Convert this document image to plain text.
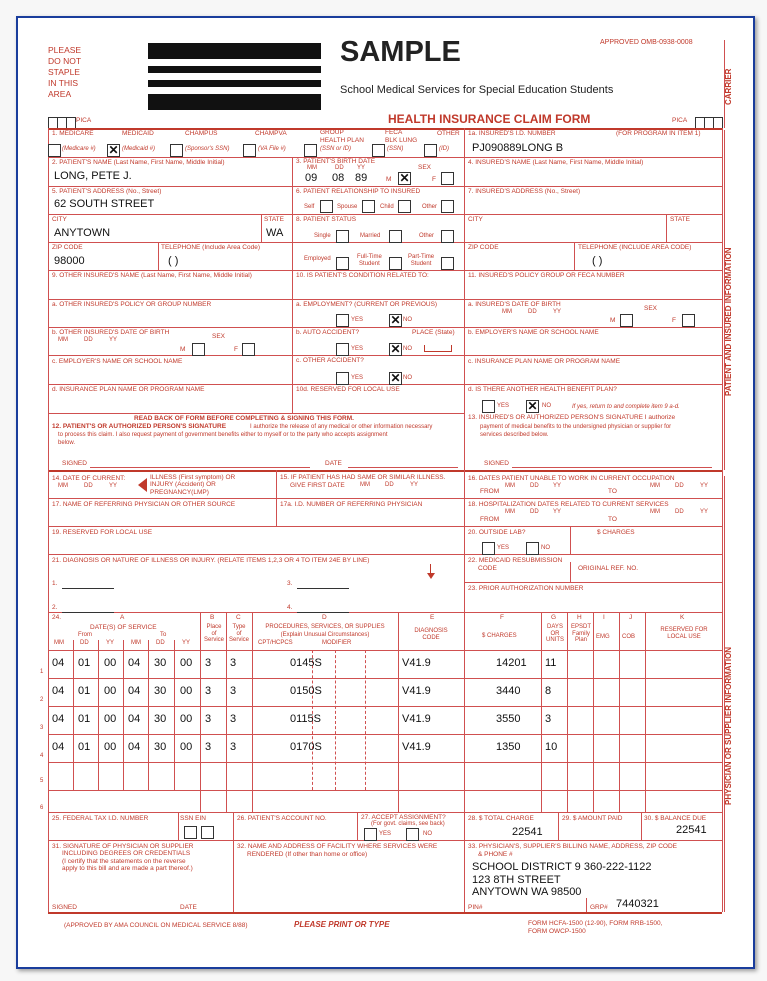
PLEASE
DO NOT
STAPLE
IN THIS
AREA
SAMPLE
School Medical Services for Special Education Students
APPROVED OMB-0938-0008
PICA	HEALTH INSURANCE CLAIM FORM	PICA
CARRIER
PATIENT AND INSURED INFORMATION
PHYSICIAN OR SUPPLIER INFORMATION
1. MEDICARE	MEDICAID	CHAMPUS	CHAMPVA	GROUP
HEALTH PLAN
FECA
BLK LUNG
OTHER
(Medicare #) ✕ (Medicaid #)	(Sponsor's SSN)	(VA File #)	(SSN or ID)	(SSN)	(ID)
1a. INSURED'S I.D. NUMBER	(FOR PROGRAM IN ITEM 1)
PJ090889LONG B
2. PATIENT'S NAME (Last Name, First Name, Middle Initial)
LONG, PETE J.
3. PATIENT'S BIRTH DATE
MM	DD YY	SEX
09 08 89	M ✕	F
4. INSURED'S NAME (Last Name, First Name, Middle Initial)
5. PATIENT'S ADDRESS (No., Street)
62 SOUTH STREET
6. PATIENT RELATIONSHIP TO INSURED
Self	Spouse	Child	Other
7. INSURED'S ADDRESS (No., Street)
CITY	STATE
ANYTOWN	WA
8. PATIENT STATUS
Single	Married	Other
CITY	STATE
ZIP CODE	TELEPHONE (Include Area Code)
98000	( )	Employed	Full-Time
Student
Part-Time
Student
ZIP CODE	TELEPHONE (INCLUDE AREA CODE)
( )
9. OTHER INSURED'S NAME (Last Name, First Name, Middle Initial)	10. IS PATIENT'S CONDITION RELATED TO:	11. INSURED'S POLICY GROUP OR FECA NUMBER
a. OTHER INSURED'S POLICY OR GROUP NUMBER	a. EMPLOYMENT? (CURRENT OR PREVIOUS)
YES ✕ NO
a. INSURED'S DATE OF BIRTH
MM	DD	YY	SEX
M	F
b. OTHER INSURED'S DATE OF BIRTH
MM	DD	YY	SEX
M	F
b. AUTO ACCIDENT?	PLACE (State)
YES ✕ NO
b. EMPLOYER'S NAME OR SCHOOL NAME
c. EMPLOYER'S NAME OR SCHOOL NAME	c. OTHER ACCIDENT?
YES ✕ NO
c. INSURANCE PLAN NAME OR PROGRAM NAME
d. INSURANCE PLAN NAME OR PROGRAM NAME	10d. RESERVED FOR LOCAL USE	d. IS THERE ANOTHER HEALTH BENEFIT PLAN?
YES ✕ NO	If yes, return to and complete item 9 a-d.
READ BACK OF FORM BEFORE COMPLETING & SIGNING THIS FORM.
12. PATIENT'S OR AUTHORIZED PERSON'S SIGNATURE	I authorize the release of any medical or other information necessary
to process this claim. I also request payment of government benefits either to myself or to the party who accepts assignment
below.
SIGNED	DATE
13. INSURED'S OR AUTHORIZED PERSON'S SIGNATURE I authorize
payment of medical benefits to the undersigned physician or supplier for
services described below.
SIGNED
14. DATE OF CURRENT:
MM	DD	YY
ILLNESS (First symptom) OR
INJURY (Accident) OR
PREGNANCY(LMP)
15. IF PATIENT HAS HAD SAME OR SIMILAR ILLNESS.
GIVE FIRST DATE	MM	DD	YY
16. DATES PATIENT UNABLE TO WORK IN CURRENT OCCUPATION
MM	DD YY	MM	DD	YY
FROM	TO
17. NAME OF REFERRING PHYSICIAN OR OTHER SOURCE	17a. I.D. NUMBER OF REFERRING PHYSICIAN	18. HOSPITALIZATION DATES RELATED TO CURRENT SERVICES
MM	DD YY	MM	DD	YY
FROM	TO
19. RESERVED FOR LOCAL USE	20. OUTSIDE LAB?	$ CHARGES
YES	NO
21. DIAGNOSIS OR NATURE OF ILLNESS OR INJURY. (RELATE ITEMS 1,2,3 OR 4 TO ITEM 24E BY LINE)
1.	3.
2.	4.
22. MEDICAID RESUBMISSION
CODE	ORIGINAL REF. NO.
23. PRIOR AUTHORIZATION NUMBER
24.	A	B	C	D	E	F	G	H	I	J	K
DATE(S) OF SERVICE
From	To
MM	DD	YY	MM	DD	YY
Place
of
Service
Type
of
Service
PROCEDURES, SERVICES, OR SUPPLIES
(Explain Unusual Circumstances)
CPT/HCPCS	MODIFIER
DIAGNOSIS
CODE	$ CHARGES
DAYS
OR
UNITS
EPSDT
Family
Plan
EMG COB
RESERVED FOR
LOCAL USE
5
6
25. FEDERAL TAX I.D. NUMBER	SSN EIN	26. PATIENT'S ACCOUNT NO.	27. ACCEPT ASSIGNMENT?
(For govt. claims, see back)
YES	NO
28. $ TOTAL CHARGE
22541
29. $ AMOUNT PAID	30. $ BALANCE DUE
22541
31. SIGNATURE OF PHYSICIAN OR SUPPLIER
INCLUDING DEGREES OR CREDENTIALS
(I certify that the statements on the reverse
apply to this bill and are made a part thereof.)
32. NAME AND ADDRESS OF FACILITY WHERE SERVICES WERE
RENDERED (If other than home or office)
33. PHYSICIAN'S, SUPPLIER'S BILLING NAME, ADDRESS, ZIP CODE
& PHONE #
SCHOOL DISTRICT 9 360-222-1122
123 8TH STREET
ANYTOWN WA 98500
SIGNED	DATE	PIN#	GRP# 7440321
(APPROVED BY AMA COUNCIL ON MEDICAL SERVICE 8/88)	PLEASE PRINT OR TYPE	FORM HCFA-1500 (12-90), FORM RRB-1500,
FORM OWCP-1500
1
04 01 00 04 30 00 3 3	0145S	V41.9	14201 11
2
04 01 00 04 30 00 3 3	0150S	V41.9	3440 8
3
04 01 00 04 30 00 3 3	0115S	V41.9	3550 3
4
04 01 00 04 30 00 3 3	0170S	V41.9	1350 10
